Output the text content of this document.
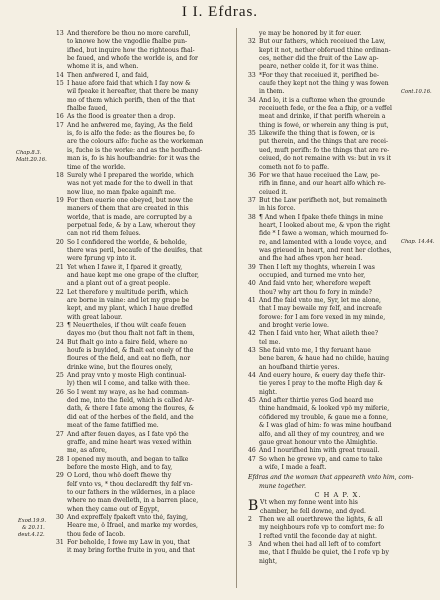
I I. Efdras.
Chap.8.3.
Matt.20.16.
Cont.10.16.
Chap. 14.44.
Exod.19.9.
& 20.11.
deut.4.12.
13 And therefore be thou no more carefull,
to knowe how the vngodlie fhalbe pun-
ifhed, but inquire how the righteous fhal-
be faued, and whofe the worlde is, and for
whome it is, and when.
14 Then anfwered I, and faid,
15 I haue afore faid that which I fay now &
wil fpeake it hereafter, that there be many
mo of them which perifh, then of the that
fhalbe faued,
16 As the flood is greater then a drop.
17 And he anfwered me, faying, As the field
is, fo is alfo the fede: as the floures be, fo
are the colours alfo: fuche as the workeman
is, fuche is the worke: and as the houfband-
man is, fo is his houfbandrie: for it was the
time of the worlde.
18 Surely whé I prepared the worlde, which
was not yet made for the to dwell in that
now liue, no man fpake againft me.
19 For then euerie one obeyed, but now the
maners of them that are created in this
worlde, that is made, are corrupted by a
perpetual fede, & by a Law, wherout they
can not rid them felues.
20 So I confidered the worlde, & beholde,
there was peril, becaufe of the deuifes, that
were fprung vp into it.
21 Yet when I fawe it, I fpared it greatly,
and haue kept me one grape of the clufter,
and a plant out of a great people.
22 Let therefore y multitude perifh, which
are borne in vaine: and let my grape be
kept, and my plant, which I haue dreffed
with great labour.
23 ¶ Neuertheles, if thou wilt ceafe feuen
dayes mo (but thou fhalt not faft in them,
24 But fhalt go into a faire field, where no
houfe is buylded, & fhalt eat onely of the
floures of the field, and eat no flefh, nor
drinke wine, but the floures onely,
25 And pray vnto y moste High continual-
ly) then wil I come, and talke with thee.
26 So I went my waye, as he had comman-
ded me, into the field, which is called Ar-
dath, & there I fate among the floures, &
did eat of the herbes of the field, and the
meat of the fame fatiffied me.
27 And after feuen dayes, as I fate vpô the
graffe, and mine heart was vexed within
me, as afore,
28 I opened my mouth, and began to talke
before the moste High, and to fay,
29 O Lord, thou whô doeft fhewe thy
felf vnto vs, * thou declaredft thy felf vn-
to our fathers in the wildernes, in a place
where no man dwelleth, in a barren place,
when they came out of Egypt,
30 And expreffely fpakeft vnto thé, faying,
Heare me, ô Ifrael, and marke my wordes,
thou fede of Iacob.
31 For beholde, I fowe my Law in you, that
it may bring forthe fruite in you, and that
ye may be honored by it for euer.
32 But our fathers, which receiued the Law,
kept it not, nether obferued thine ordinan-
ces, nether did the fruit of the Law ap-
peare, nether colde it, for it was thine.
33 *For they that receiued it, perifhed be-
caufe they kept not the thing y was fowen
in them.
34 And lo, it is a cuftome when the grounde
receiueth fede, or the fea a fhip, or a veffel
meat and drinke, if that perifh wherein a
thing is fowé, or wherein any thing is put,
35 Likewife the thing that is fowen, or is
put therein, and the things that are recei-
ued, muft perifh: fo the things that are re-
ceiued, do not remaine with vs: but in vs it
cometh not fo to paffe.
36 For we that haue receiued the Law, pe-
rifh in finne, and our heart alfo which re-
ceiued it.
37 But the Law perifheth not, but remaineth
in his force.
38 ¶ And when I fpake thefe things in mine
heart, I looked about me, & vpon the right
fide * I fawe a woman, which mourned fo-
re, and lamented with a loude voyce, and
was grieued in heart, and rent her clothes,
and fhe had afhes vpon her head.
39 Then I left my thoghts, wherein I was
occupied, and turned me vnto her,
40 And faid vnto her, wherefore wepeft
thou? why art thou fo fory in minde?
41 And fhe faid vnto me, Syr, let me alone,
that I may bewaile my felf, and increafe
forowe: for I am fore vexed in my minde,
and broght verie lowe.
42 Then I faid vnto her, What aileth thee?
tel me.
43 She faid vnto me, I thy feruant haue
bene baren, & haue had no childe, hauing
an houfband thirtie yeres.
44 And euery houre, & euery day thefe thir-
tie yeres I pray to the mofte High day &
night.
45 And after thirtie yeres God heard me
thine handmaid, & looked vpô my miferie,
cófidered my trouble, & gaue me a fonne,
& I was glad of him: fo was mine houfband
alfo, and all they of my countrey, and we
gaue great honour vnto the Almightie.
46 And I nourifhed him with great trauail.
47 So when he grewe vp, and came to take
a wife, I made a feaft.
Efdras and the woman that appeareth vnto him, com-
mune together.
C H A P. X.
B Vt when my fonne went into his
chamber, he fell downe, and dyed.
2 Then we all ouerthrewe the lights, & all
my neighbours rofe vp to comfort me: fo
I refted vntil the feconde day at night.
3 And when thei had all left of to comfort
me, that I fhulde be quiet, thé I rofe vp by
night,
